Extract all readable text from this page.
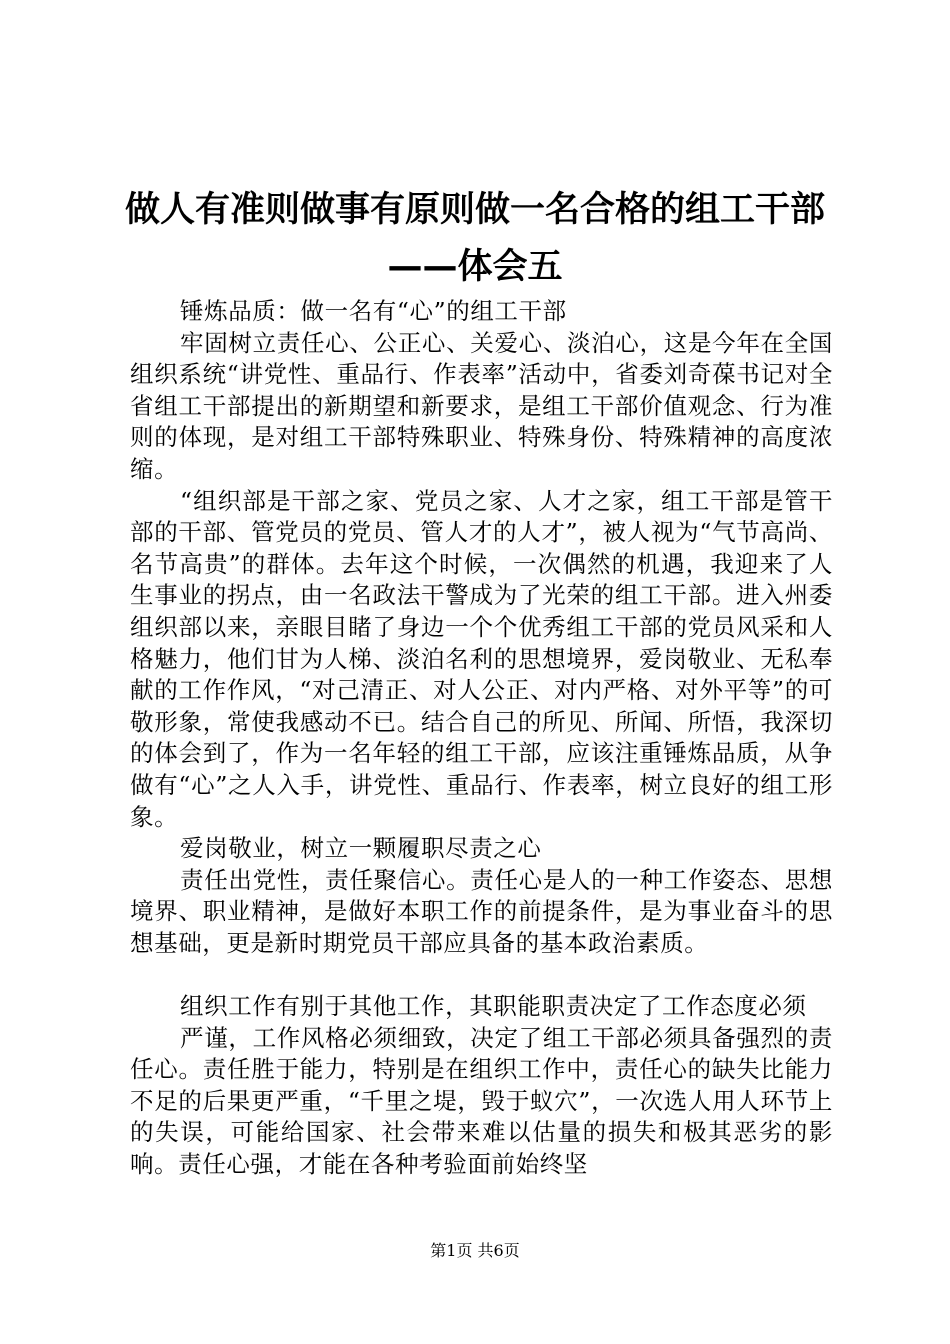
做人有准则做事有原则做一名合格的组工干部
——体会五

锤炼品质：做一名有“心”的组工干部

牢固树立责任心、公正心、关爱心、淡泊心，这是今年在全国组织系统“讲党性、重品行、作表率”活动中，省委刘奇葆书记对全省组工干部提出的新期望和新要求，是组工干部价值观念、行为准则的体现，是对组工干部特殊职业、特殊身份、特殊精神的高度浓缩。

“组织部是干部之家、党员之家、人才之家，组工干部是管干部的干部、管党员的党员、管人才的人才”，被人视为“气节高尚、名节高贵”的群体。去年这个时候，一次偶然的机遇，我迎来了人生事业的拐点，由一名政法干警成为了光荣的组工干部。进入州委组织部以来，亲眼目睹了身边一个个优秀组工干部的党员风采和人格魅力，他们甘为人梯、淡泊名利的思想境界，爱岗敬业、无私奉献的工作作风，“对己清正、对人公正、对内严格、对外平等”的可敬形象，常使我感动不已。结合自己的所见、所闻、所悟，我深切的体会到了，作为一名年轻的组工干部，应该注重锤炼品质，从争做有“心”之人入手，讲党性、重品行、作表率，树立良好的组工形象。

爱岗敬业，树立一颗履职尽责之心

责任出党性，责任聚信心。责任心是人的一种工作姿态、思想境界、职业精神，是做好本职工作的前提条件，是为事业奋斗的思想基础，更是新时期党员干部应具备的基本政治素质。

组织工作有别于其他工作，其职能职责决定了工作态度必须

严谨，工作风格必须细致，决定了组工干部必须具备强烈的责任心。责任胜于能力，特别是在组织工作中，责任心的缺失比能力不足的后果更严重，“千里之堤，毁于蚁穴”，一次选人用人环节上的失误，可能给国家、社会带来难以估量的损失和极其恶劣的影响。责任心强，才能在各种考验面前始终坚

第1页 共6页
